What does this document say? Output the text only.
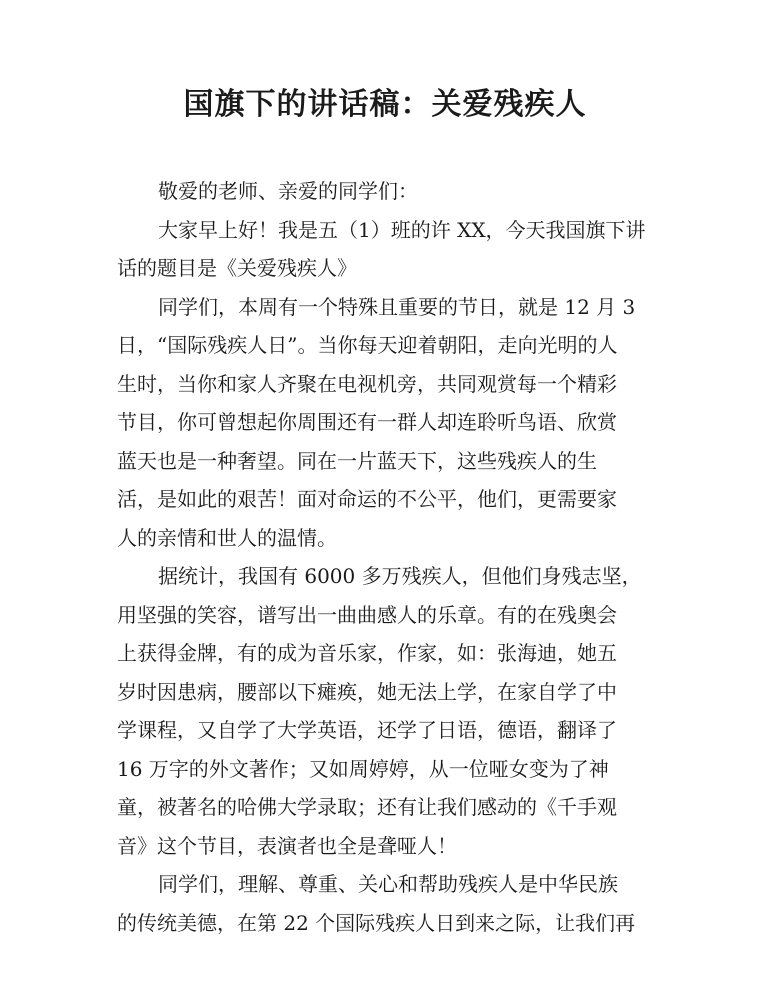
国旗下的讲话稿：关爱残疾人
敬爱的老师、亲爱的同学们：
大家早上好！我是五（1）班的许 XX，今天我国旗下讲
话的题目是《关爱残疾人》
同学们，本周有一个特殊且重要的节日，就是 12 月 3
日，“国际残疾人日”。当你每天迎着朝阳，走向光明的人
生时，当你和家人齐聚在电视机旁，共同观赏每一个精彩
节目，你可曾想起你周围还有一群人却连聆听鸟语、欣赏
蓝天也是一种奢望。同在一片蓝天下，这些残疾人的生
活，是如此的艰苦！面对命运的不公平，他们，更需要家
人的亲情和世人的温情。
据统计，我国有 6000 多万残疾人，但他们身残志坚，
用坚强的笑容，谱写出一曲曲感人的乐章。有的在残奥会
上获得金牌，有的成为音乐家，作家，如：张海迪，她五
岁时因患病，腰部以下瘫痪，她无法上学，在家自学了中
学课程，又自学了大学英语，还学了日语，德语，翻译了
16 万字的外文著作；又如周婷婷，从一位哑女变为了神
童，被著名的哈佛大学录取；还有让我们感动的《千手观
音》这个节目，表演者也全是聋哑人！
同学们，理解、尊重、关心和帮助残疾人是中华民族
的传统美德，在第 22 个国际残疾人日到来之际，让我们再
